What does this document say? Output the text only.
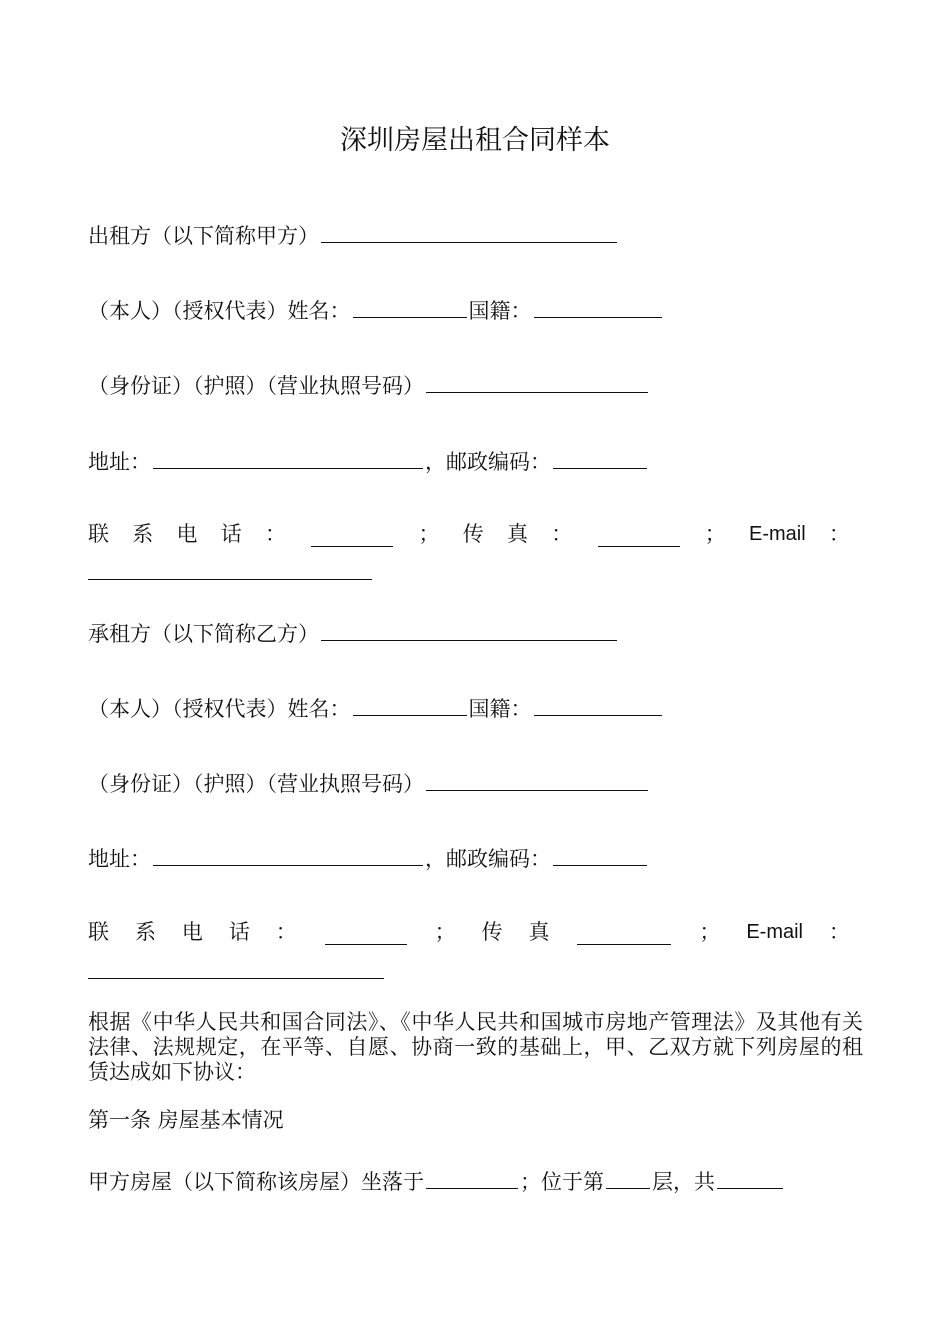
深圳房屋出租合同样本
出租方（以下简称甲方）
（本人）（授权代表）姓名：	国籍：
（身份证）（护照）（营业执照号码）
地址：	，邮政编码：
联 系 电 话 ：	； 传 真 ：	； E-mail ：
承租方（以下简称乙方）
（本人）（授权代表）姓名：	国籍：
（身份证）（护照）（营业执照号码）
地址：	，邮政编码：
联 系 电 话 ：	； 传 真	； E-mail ：
根据《中华人民共和国合同法》、《中华人民共和国城市房地产管理法》及其他有关法律、法规规定，在平等、自愿、协商一致的基础上，甲、乙双方就下列房屋的租赁达成如下协议：
第一条 房屋基本情况
甲方房屋（以下简称该房屋）坐落于	；位于第 层，共
